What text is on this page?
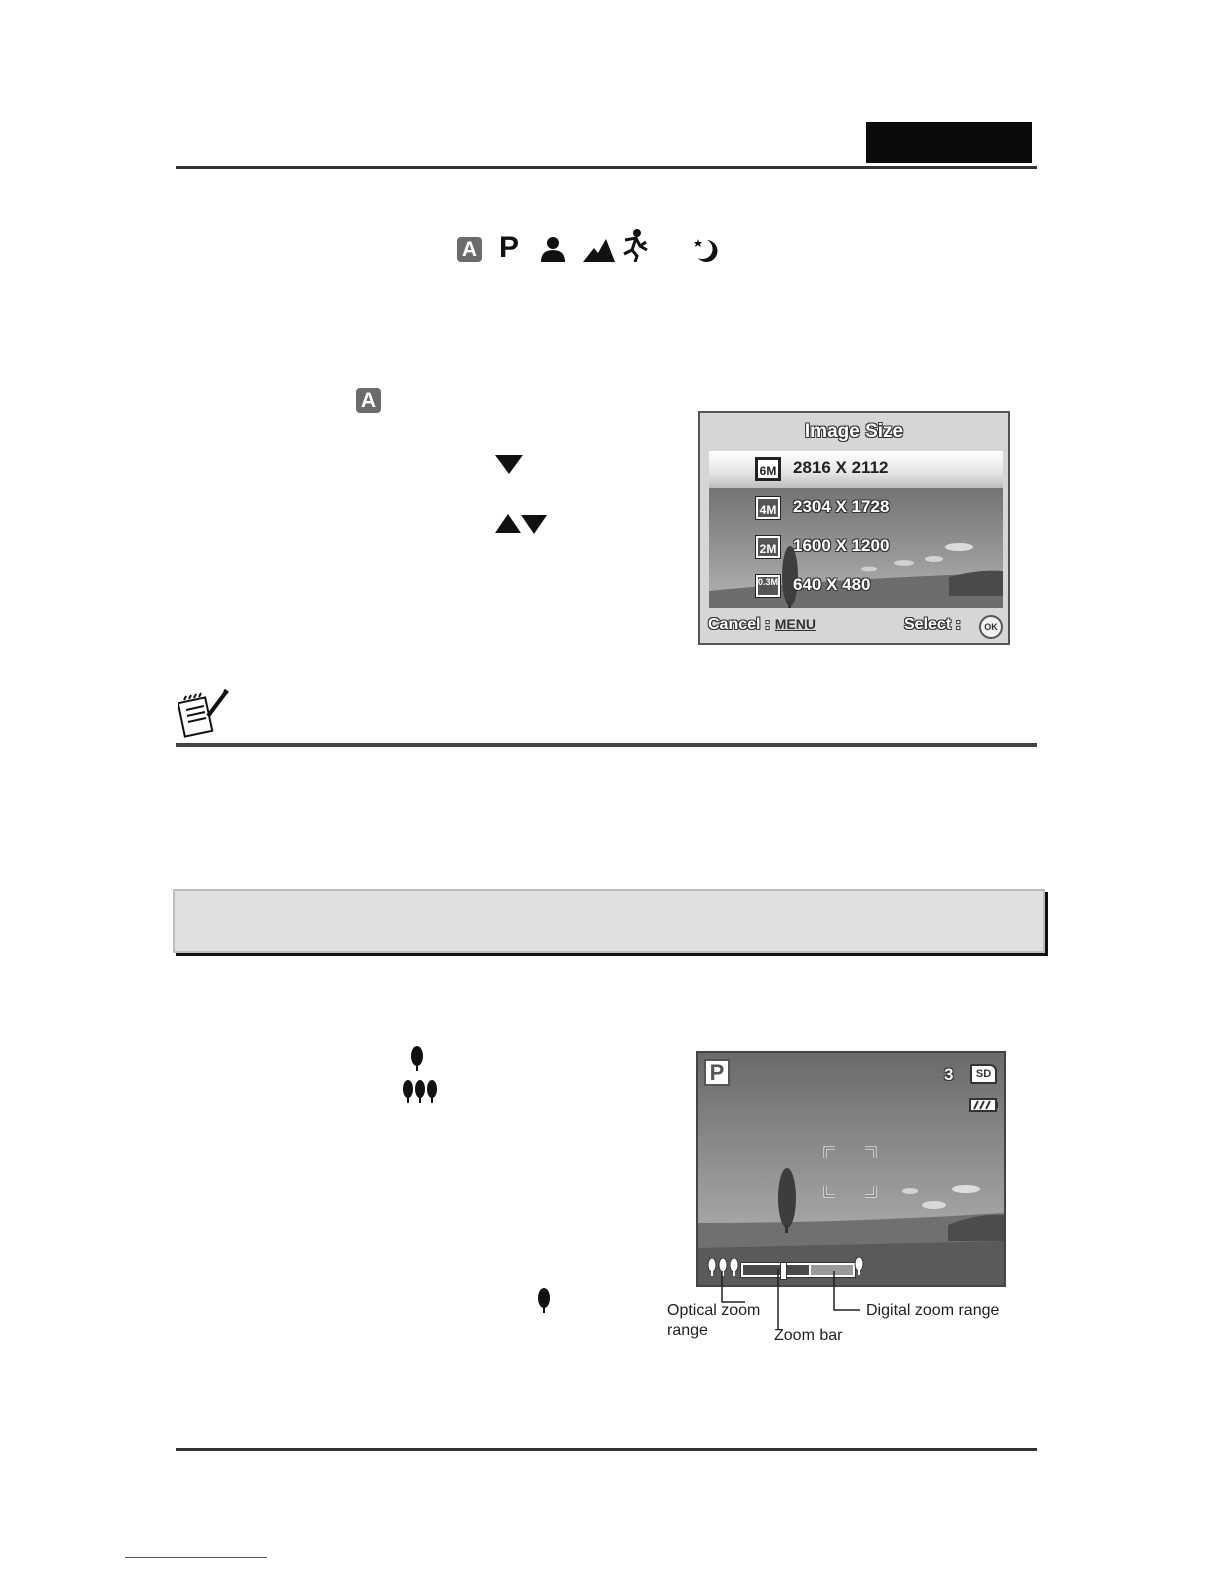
A P
A
Image Size
6M 2816 X 2112
4M 2304 X 1728
2M 1600 X 1200
0.3M 640 X 480
Cancel : MENU	Select :	OK
P	3	SD
Optical zoom
range	Zoom bar
Digital zoom range
